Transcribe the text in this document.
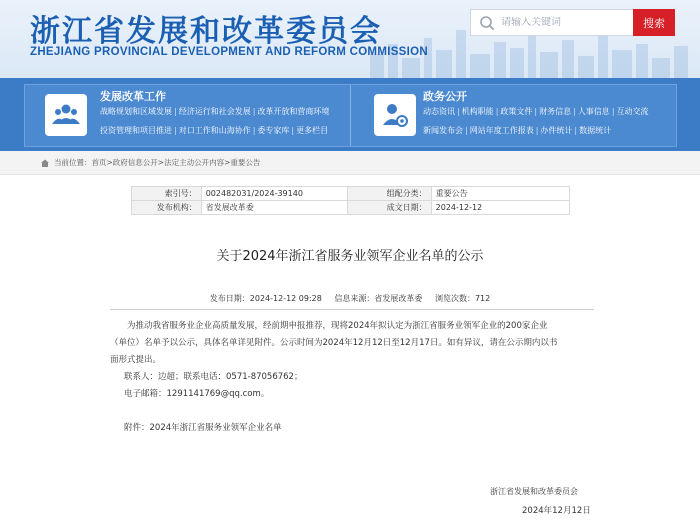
浙江省发展和改革委员会
ZHEJIANG PROVINCIAL DEVELOPMENT AND REFORM COMMISSION
请输入关键词
搜索
发展改革工作
战略规划和区域发展 | 经济运行和社会发展 | 改革开放和营商环境
投资管理和项目推进 | 对口工作和山海协作 | 委专家库 | 更多栏目
政务公开
动态资讯 | 机构职能 | 政策文件 | 财务信息 | 人事信息 | 互动交流
新闻发布会 | 网站年度工作报表 | 办件统计 | 数据统计
当前位置： 首页 > 政府信息公开 > 法定主动公开内容 > 重要公告
索引号：	002482031/2024-39140	组配分类：	重要公告
发布机构：	省发展改革委	成文日期：	2024-12-12
关于2024年浙江省服务业领军企业名单的公示
发布日期：2024-12-12 09:28 信息来源：省发展改革委 浏览次数：712
为推动我省服务业企业高质量发展，经前期申报推荐，现将2024年拟认定为浙江省服务业领军企业的200家企业
（单位）名单予以公示，具体名单详见附件。公示时间为2024年12月12日至12月17日。如有异议，请在公示期内以书
面形式提出。
联系人：边超；联系电话：0571-87056762；
电子邮箱：1291141769@qq.com。
附件：2024年浙江省服务业领军企业名单
浙江省发展和改革委员会
2024年12月12日
